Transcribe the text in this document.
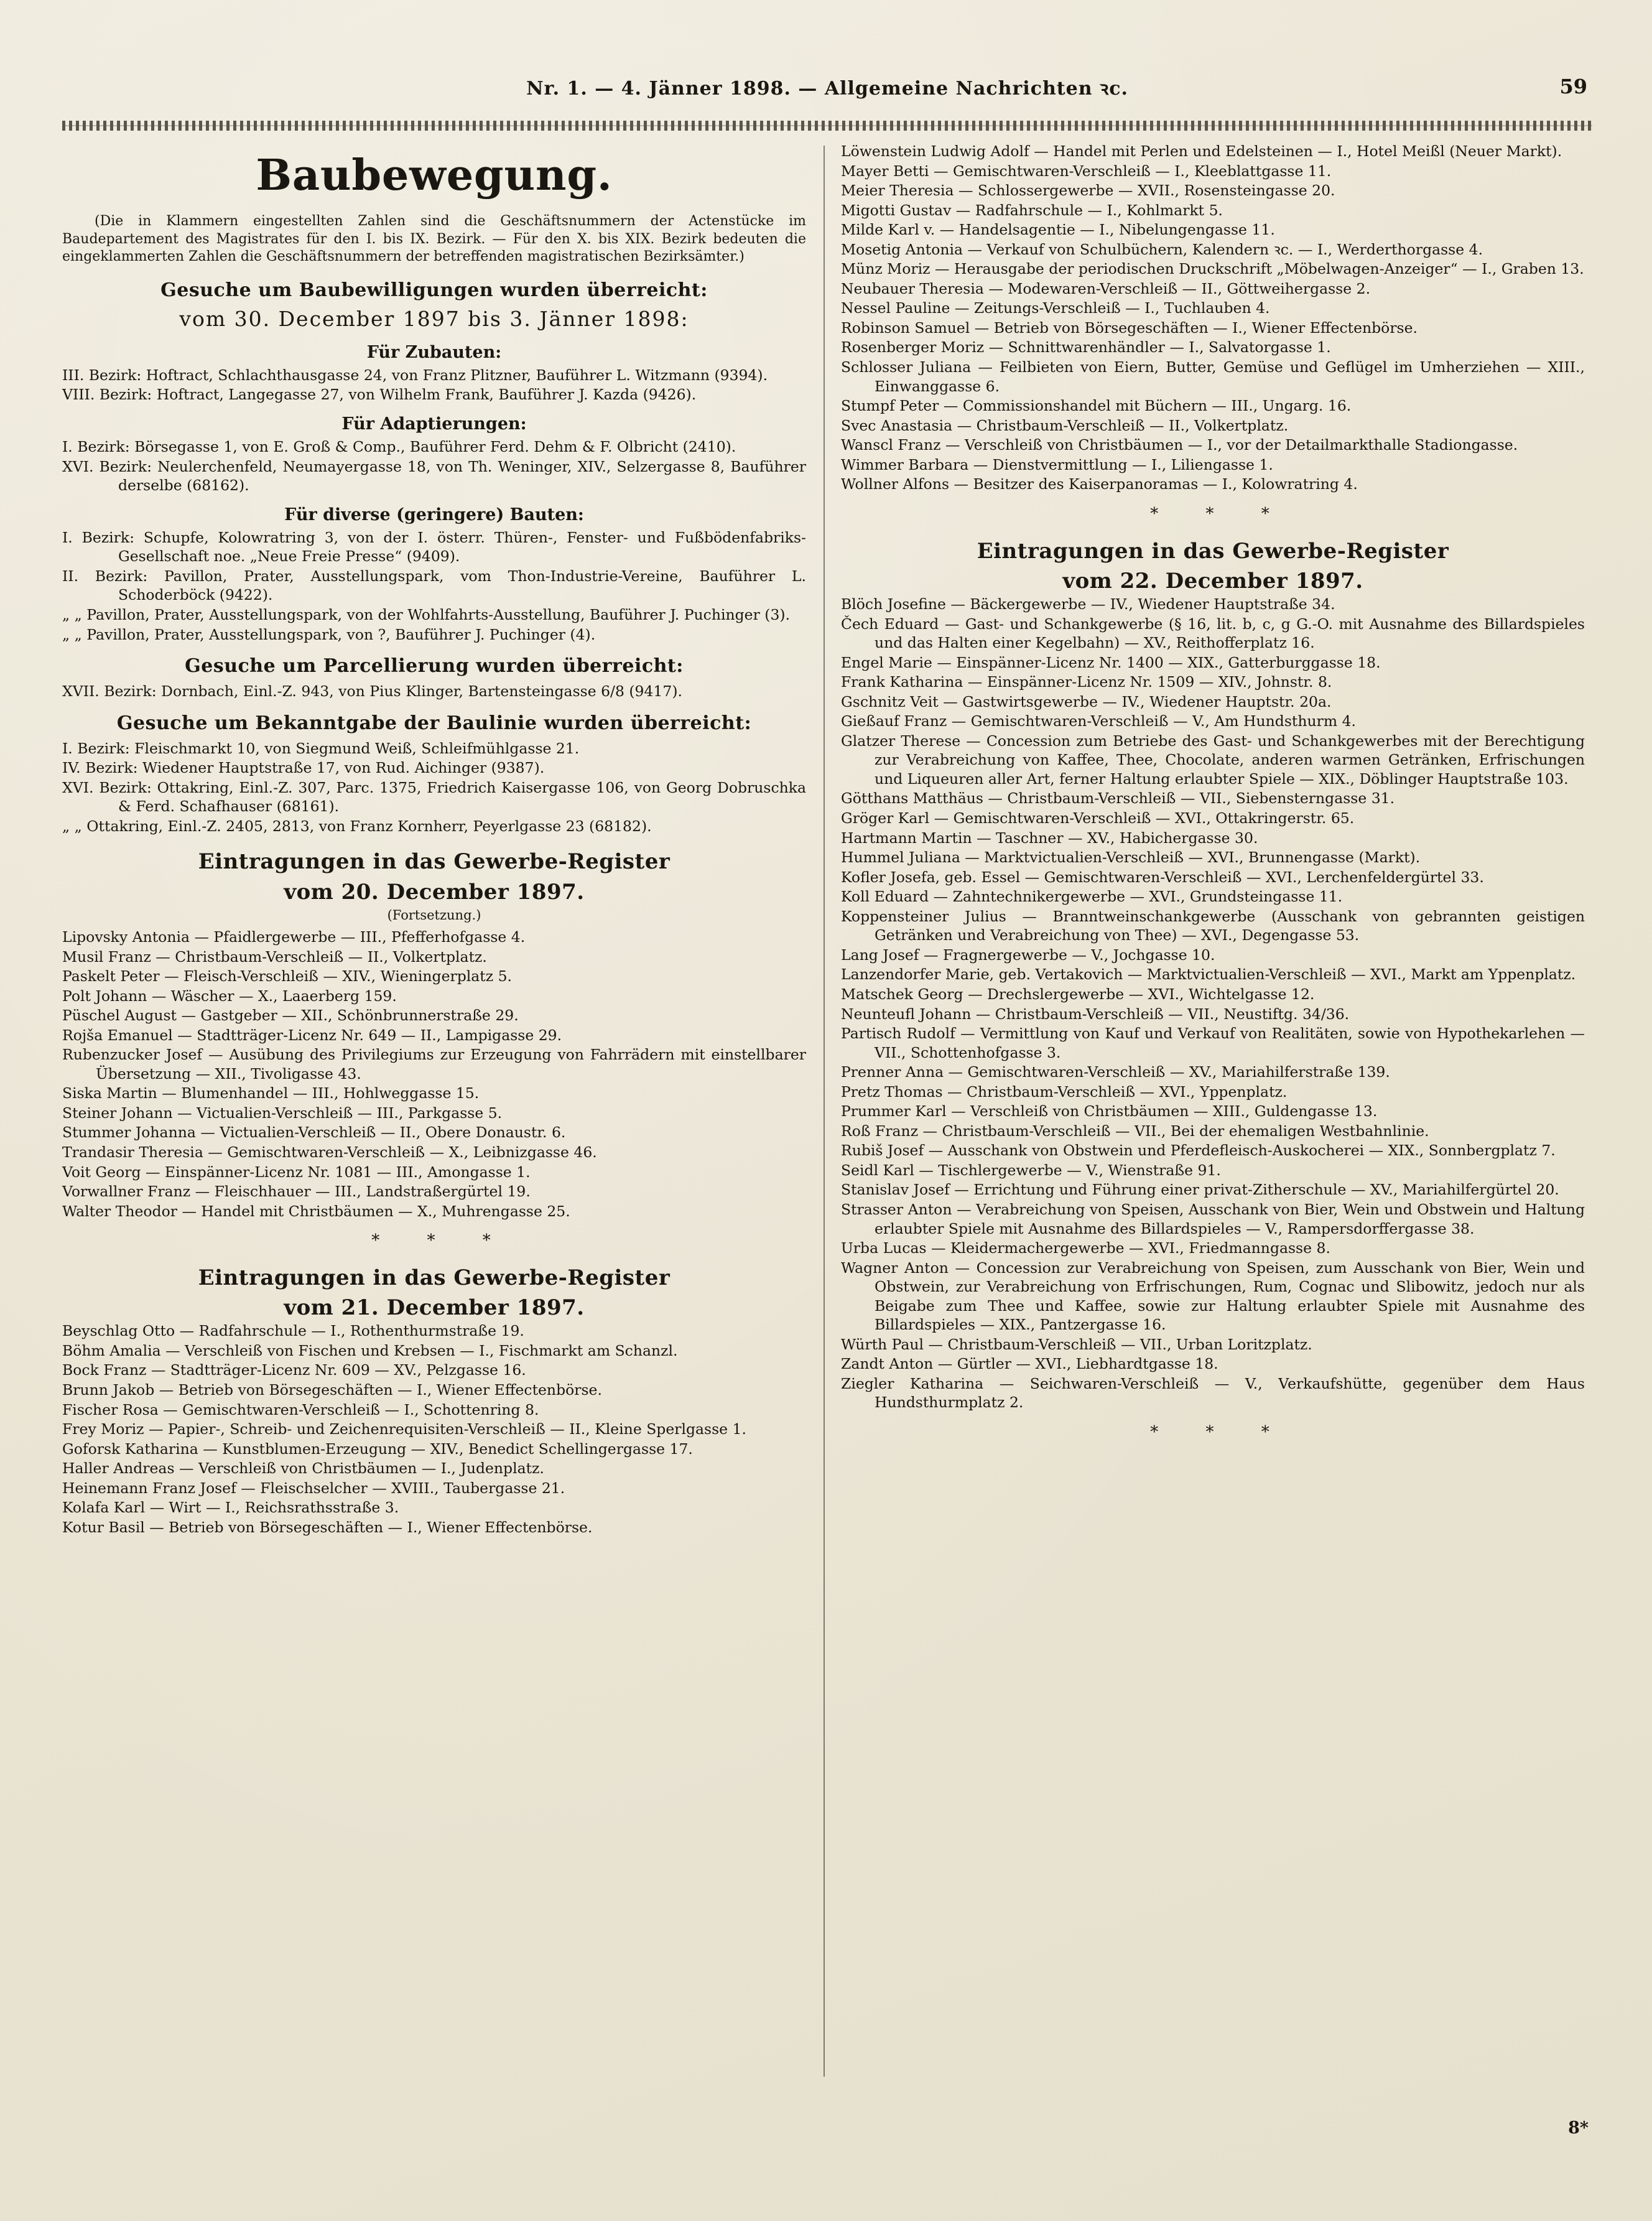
Nr. 1. — 4. Jänner 1898. — Allgemeine Nachrichten ꝛc.	59
Baubewegung.

(Die in Klammern eingestellten Zahlen sind die Geschäftsnummern der Actenstücke im Baudepartement des Magistrates für den I. bis IX. Bezirk. — Für den X. bis XIX. Bezirk bedeuten die eingeklammerten Zahlen die Geschäftsnummern der betreffenden magistratischen Bezirksämter.)

Gesuche um Baubewilligungen wurden überreicht:
vom 30. December 1897 bis 3. Jänner 1898:
Für Zubauten:
III. Bezirk: Hoftract, Schlachthausgasse 24, von Franz Plitzner, Bauführer L. Witzmann (9394).
VIII. Bezirk: Hoftract, Langegasse 27, von Wilhelm Frank, Bauführer J. Kazda (9426).
Für Adaptierungen:
I. Bezirk: Börsegasse 1, von E. Groß & Comp., Bauführer Ferd. Dehm & F. Olbricht (2410).
XVI. Bezirk: Neulerchenfeld, Neumayergasse 18, von Th. Weninger, XIV., Selzergasse 8, Bauführer derselbe (68162).
Für diverse (geringere) Bauten:
I. Bezirk: Schupfe, Kolowratring 3, von der I. österr. Thüren-, Fenster- und Fußbödenfabriks-Gesellschaft noe. „Neue Freie Presse“ (9409).
II. Bezirk: Pavillon, Prater, Ausstellungspark, vom Thon-Industrie-Vereine, Bauführer L. Schoderböck (9422).
„ „ Pavillon, Prater, Ausstellungspark, von der Wohlfahrts-Ausstellung, Bauführer J. Puchinger (3).
„ „ Pavillon, Prater, Ausstellungspark, von ?, Bauführer J. Puchinger (4).
Gesuche um Parcellierung wurden überreicht:
XVII. Bezirk: Dornbach, Einl.-Z. 943, von Pius Klinger, Bartensteingasse 6/8 (9417).
Gesuche um Bekanntgabe der Baulinie wurden überreicht:
I. Bezirk: Fleischmarkt 10, von Siegmund Weiß, Schleifmühlgasse 21.
IV. Bezirk: Wiedener Hauptstraße 17, von Rud. Aichinger (9387).
XVI. Bezirk: Ottakring, Einl.-Z. 307, Parc. 1375, Friedrich Kaisergasse 106, von Georg Dobruschka & Ferd. Schafhauser (68161).
„ „ Ottakring, Einl.-Z. 2405, 2813, von Franz Kornherr, Peyerlgasse 23 (68182).
Eintragungen in das Gewerbe-Register
vom 20. December 1897.
(Fortsetzung.)
Lipovsky Antonia — Pfaidlergewerbe — III., Pfefferhofgasse 4.
Musil Franz — Christbaum-Verschleiß — II., Volkertplatz.
Paskelt Peter — Fleisch-Verschleiß — XIV., Wieningerplatz 5.
Polt Johann — Wäscher — X., Laaerberg 159.
Püschel August — Gastgeber — XII., Schönbrunnerstraße 29.
Rojša Emanuel — Stadtträger-Licenz Nr. 649 — II., Lampigasse 29.
Rubenzucker Josef — Ausübung des Privilegiums zur Erzeugung von Fahrrädern mit einstellbarer Übersetzung — XII., Tivoligasse 43.
Siska Martin — Blumenhandel — III., Hohlweggasse 15.
Steiner Johann — Victualien-Verschleiß — III., Parkgasse 5.
Stummer Johanna — Victualien-Verschleiß — II., Obere Donaustr. 6.
Trandasir Theresia — Gemischtwaren-Verschleiß — X., Leibnizgasse 46.
Voit Georg — Einspänner-Licenz Nr. 1081 — III., Amongasse 1.
Vorwallner Franz — Fleischhauer — III., Landstraßergürtel 19.
Walter Theodor — Handel mit Christbäumen — X., Muhrengasse 25.
* * *
Eintragungen in das Gewerbe-Register
vom 21. December 1897.
Beyschlag Otto — Radfahrschule — I., Rothenthurmstraße 19.
Böhm Amalia — Verschleiß von Fischen und Krebsen — I., Fischmarkt am Schanzl.
Bock Franz — Stadtträger-Licenz Nr. 609 — XV., Pelzgasse 16.
Brunn Jakob — Betrieb von Börsegeschäften — I., Wiener Effectenbörse.
Fischer Rosa — Gemischtwaren-Verschleiß — I., Schottenring 8.
Frey Moriz — Papier-, Schreib- und Zeichenrequisiten-Verschleiß — II., Kleine Sperlgasse 1.
Goforsk Katharina — Kunstblumen-Erzeugung — XIV., Benedict Schellingergasse 17.
Haller Andreas — Verschleiß von Christbäumen — I., Judenplatz.
Heinemann Franz Josef — Fleischselcher — XVIII., Taubergasse 21.
Kolafa Karl — Wirt — I., Reichsrathsstraße 3.
Kotur Basil — Betrieb von Börsegeschäften — I., Wiener Effectenbörse.
Löwenstein Ludwig Adolf — Handel mit Perlen und Edelsteinen — I., Hotel Meißl (Neuer Markt).
Mayer Betti — Gemischtwaren-Verschleiß — I., Kleeblattgasse 11.
Meier Theresia — Schlossergewerbe — XVII., Rosensteingasse 20.
Migotti Gustav — Radfahrschule — I., Kohlmarkt 5.
Milde Karl v. — Handelsagentie — I., Nibelungengasse 11.
Mosetig Antonia — Verkauf von Schulbüchern, Kalendern ꝛc. — I., Werderthorgasse 4.
Münz Moriz — Herausgabe der periodischen Druckschrift „Möbelwagen-Anzeiger“ — I., Graben 13.
Neubauer Theresia — Modewaren-Verschleiß — II., Göttweihergasse 2.
Nessel Pauline — Zeitungs-Verschleiß — I., Tuchlauben 4.
Robinson Samuel — Betrieb von Börsegeschäften — I., Wiener Effectenbörse.
Rosenberger Moriz — Schnittwarenhändler — I., Salvatorgasse 1.
Schlosser Juliana — Feilbieten von Eiern, Butter, Gemüse und Geflügel im Umherziehen — XIII., Einwanggasse 6.
Stumpf Peter — Commissionshandel mit Büchern — III., Ungarg. 16.
Svec Anastasia — Christbaum-Verschleiß — II., Volkertplatz.
Wanscl Franz — Verschleiß von Christbäumen — I., vor der Detailmarkthalle Stadiongasse.
Wimmer Barbara — Dienstvermittlung — I., Liliengasse 1.
Wollner Alfons — Besitzer des Kaiserpanoramas — I., Kolowratring 4.
* * *
Eintragungen in das Gewerbe-Register
vom 22. December 1897.
Blöch Josefine — Bäckergewerbe — IV., Wiedener Hauptstraße 34.
Čech Eduard — Gast- und Schankgewerbe (§ 16, lit. b, c, g G.-O. mit Ausnahme des Billardspieles und das Halten einer Kegelbahn) — XV., Reithofferplatz 16.
Engel Marie — Einspänner-Licenz Nr. 1400 — XIX., Gatterburggasse 18.
Frank Katharina — Einspänner-Licenz Nr. 1509 — XIV., Johnstr. 8.
Gschnitz Veit — Gastwirtsgewerbe — IV., Wiedener Hauptstr. 20a.
Gießauf Franz — Gemischtwaren-Verschleiß — V., Am Hundsthurm 4.
Glatzer Therese — Concession zum Betriebe des Gast- und Schankgewerbes mit der Berechtigung zur Verabreichung von Kaffee, Thee, Chocolate, anderen warmen Getränken, Erfrischungen und Liqueuren aller Art, ferner Haltung erlaubter Spiele — XIX., Döblinger Hauptstraße 103.
Götthans Matthäus — Christbaum-Verschleiß — VII., Siebensterngasse 31.
Gröger Karl — Gemischtwaren-Verschleiß — XVI., Ottakringerstr. 65.
Hartmann Martin — Taschner — XV., Habichergasse 30.
Hummel Juliana — Marktvictualien-Verschleiß — XVI., Brunnengasse (Markt).
Kofler Josefa, geb. Essel — Gemischtwaren-Verschleiß — XVI., Lerchenfeldergürtel 33.
Koll Eduard — Zahntechnikergewerbe — XVI., Grundsteingasse 11.
Koppensteiner Julius — Branntweinschankgewerbe (Ausschank von gebrannten geistigen Getränken und Verabreichung von Thee) — XVI., Degengasse 53.
Lang Josef — Fragnergewerbe — V., Jochgasse 10.
Lanzendorfer Marie, geb. Vertakovich — Marktvictualien-Verschleiß — XVI., Markt am Yppenplatz.
Matschek Georg — Drechslergewerbe — XVI., Wichtelgasse 12.
Neunteufl Johann — Christbaum-Verschleiß — VII., Neustiftg. 34/36.
Partisch Rudolf — Vermittlung von Kauf und Verkauf von Realitäten, sowie von Hypothekarlehen — VII., Schottenhofgasse 3.
Prenner Anna — Gemischtwaren-Verschleiß — XV., Mariahilferstraße 139.
Pretz Thomas — Christbaum-Verschleiß — XVI., Yppenplatz.
Prummer Karl — Verschleiß von Christbäumen — XIII., Guldengasse 13.
Roß Franz — Christbaum-Verschleiß — VII., Bei der ehemaligen Westbahnlinie.
Rubiš Josef — Ausschank von Obstwein und Pferdefleisch-Auskocherei — XIX., Sonnbergplatz 7.
Seidl Karl — Tischlergewerbe — V., Wienstraße 91.
Stanislav Josef — Errichtung und Führung einer privat-Zitherschule — XV., Mariahilfergürtel 20.
Strasser Anton — Verabreichung von Speisen, Ausschank von Bier, Wein und Obstwein und Haltung erlaubter Spiele mit Ausnahme des Billardspieles — V., Rampersdorffergasse 38.
Urba Lucas — Kleidermachergewerbe — XVI., Friedmanngasse 8.
Wagner Anton — Concession zur Verabreichung von Speisen, zum Ausschank von Bier, Wein und Obstwein, zur Verabreichung von Erfrischungen, Rum, Cognac und Slibowitz, jedoch nur als Beigabe zum Thee und Kaffee, sowie zur Haltung erlaubter Spiele mit Ausnahme des Billardspieles — XIX., Pantzergasse 16.
Würth Paul — Christbaum-Verschleiß — VII., Urban Loritzplatz.
Zandt Anton — Gürtler — XVI., Liebhardtgasse 18.
Ziegler Katharina — Seichwaren-Verschleiß — V., Verkaufshütte, gegenüber dem Haus Hundsthurmplatz 2.
* * *
8*
